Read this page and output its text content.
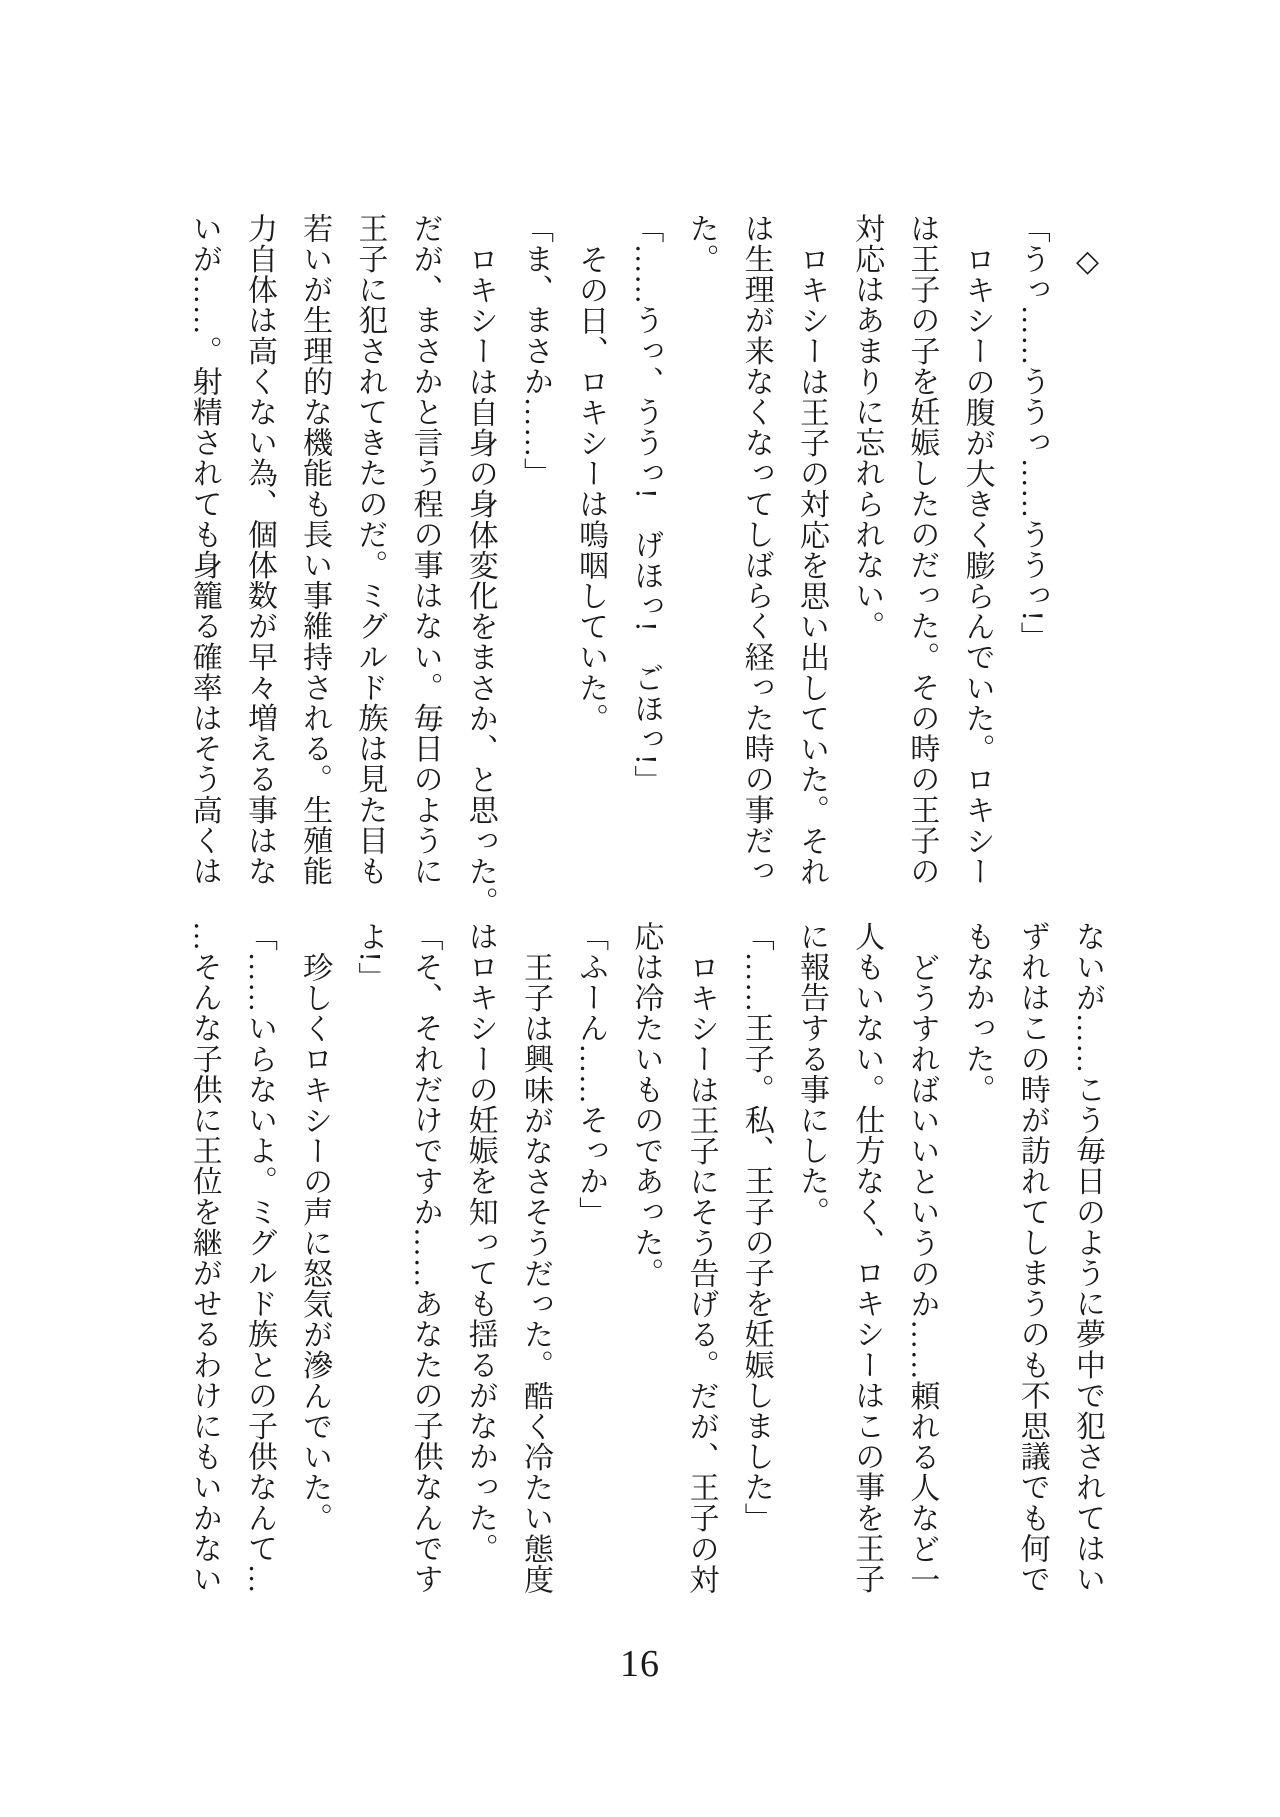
◇
「うっ……ううっ……ううっ!」
ロキシーの腹が大きく膨らんでいた。ロキシー
は王子の子を妊娠したのだった。その時の王子の
対応はあまりに忘れられない。
ロキシーは王子の対応を思い出していた。それ
は生理が来なくなってしばらく経った時の事だっ
た。
「……うっ、ううっ!　げほっ!　ごほっ!」
その日、ロキシーは嗚咽していた。
「ま、まさか……」
ロキシーは自身の身体変化をまさか、と思った。
だが、まさかと言う程の事はない。毎日のように
王子に犯されてきたのだ。ミグルド族は見た目も
若いが生理的な機能も長い事維持される。生殖能
力自体は高くない為、個体数が早々増える事はな
いが……。射精されても身籠る確率はそう高くは
ないが……こう毎日のように夢中で犯されてはい
ずれはこの時が訪れてしまうのも不思議でも何で
もなかった。
どうすればいいというのか……頼れる人など一
人もいない。仕方なく、ロキシーはこの事を王子
に報告する事にした。
「……王子。私、王子の子を妊娠しました」
ロキシーは王子にそう告げる。だが、王子の対
応は冷たいものであった。
「ふーん……そっか」
王子は興味がなさそうだった。酷く冷たい態度
はロキシーの妊娠を知っても揺るがなかった。
「そ、それだけですか……あなたの子供なんです
よ!」
珍しくロキシーの声に怒気が滲んでいた。
「……いらないよ。ミグルド族との子供なんて…
…そんな子供に王位を継がせるわけにもいかない
16
